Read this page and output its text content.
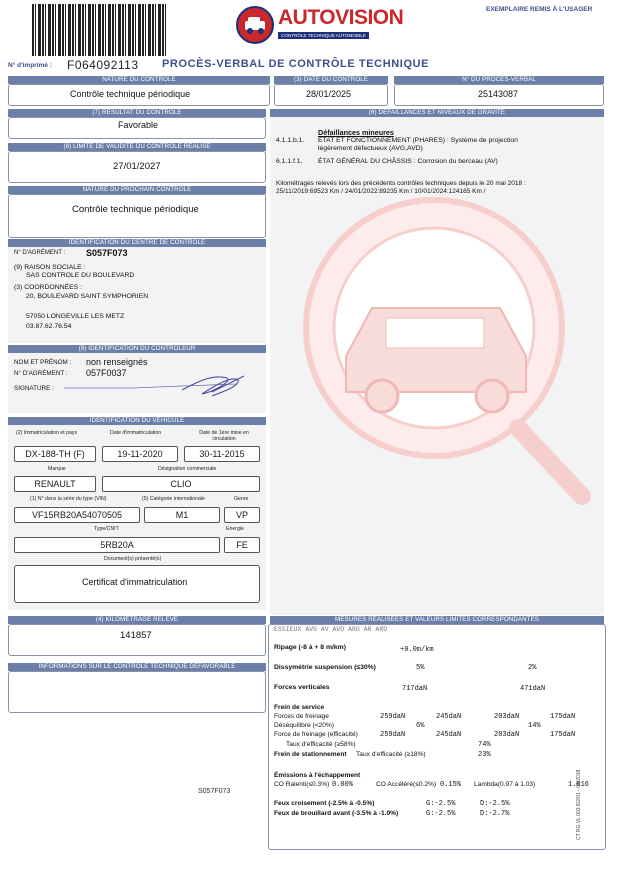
AUTOVISION
CONTRÔLE TECHNIQUE AUTOMOBILE
EXEMPLAIRE REMIS À L'USAGER
N° d'imprimé : F064092113 PROCÈS-VERBAL DE CONTRÔLE TECHNIQUE
NATURE DU CONTRÔLE
Contrôle technique périodique
(3) DATE DU CONTRÔLE
28/01/2025
N° DU PROCÈS-VERBAL
25143087
(7) RÉSULTAT DU CONTRÔLE
Favorable
(8) LIMITE DE VALIDITÉ DU CONTRÔLE RÉALISÉ
27/01/2027
NATURE DU PROCHAIN CONTRÔLE
Contrôle technique périodique
IDENTIFICATION DU CENTRE DE CONTRÔLE
N° D'AGRÉMENT : S057F073
(9) RAISON SOCIALE :
SAS CONTROLE DU BOULEVARD
(3) COORDONNÉES :
20, BOULEVARD SAINT SYMPHORIEN
57050 LONGEVILLE LES METZ
03.87.62.76.54
(9) IDENTIFICATION DU CONTRÔLEUR
NOM ET PRÉNOM : non renseignés
N° D'AGRÉMENT : 057F0037
SIGNATURE :
IDENTIFICATION DU VÉHICULE
(2) Immatriculation et pays	Date d'immatriculation	Date de 1ère mise en circulation
DX-188-TH (F)	19-11-2020	30-11-2015
Marque	Désignation commerciale
RENAULT	CLIO
(1) N° dans la série du type (VIN)	(5) Catégorie internationale	Genre
VF15RB20A54070505	M1	VP
Type/CNIT	Energie
5RB20A	FE
Document(s) présenté(s)
Certificat d'immatriculation
(4) KILOMÉTRAGE RELEVÉ
141857
INFORMATIONS SUR LE CONTRÔLE TECHNIQUE DÉFAVORABLE
(6) DÉFAILLANCES ET NIVEAUX DE GRAVITÉ
Défaillances mineures
4.1.1.b.1. ÉTAT ET FONCTIONNEMENT (PHARES) : Système de projection
légèrement défectueux (AVG,AVD)
6.1.1.f.1. ÉTAT GÉNÉRAL DU CHÂSSIS : Corrosion du berceau (AV)
Kilométrages relevés lors des précédents contrôles techniques depuis le 20 mai 2018 :
25/11/2019:69523 Km / 24/01/2022:89235 Km / 10/01/2024:124165 Km /
MESURES RÉALISÉES ET VALEURS LIMITES CORRESPONDANTES
ESSIEUX AVG AV AVD ARG AR ARD
Ripage (-8 à + 8 m/km)	+0.0m/km
Dissymétrie suspension (≤30%)	5%	2%
Forces verticales	717daN	471daN
Frein de service
Forces de freinage	259daN	245daN	203daN	175daN
Déséquilibre (<20%)	6%	14%
Force de freinage (efficacité)	259daN	245daN	203daN	175daN
Taux d'efficacité (≥58%)	74%
Frein de stationnement Taux d'efficacité (≥18%)	23%
Émissions à l'échappement
CO Ralenti(≤0.3%) 0.00%	CO Accéléré(≤0.2%) 0.15% Lambda(0.97 à 1.03)	1.016
Feux croisement (-2.5% à -0.5%)	G:-2.5%	D:-2.5%
Feux de brouillard avant (-3.5% à -1.0%)	G:-2.5%	D:-2.7%
S057F073	CT RG VL 003 8/2/01 - 08/2018
